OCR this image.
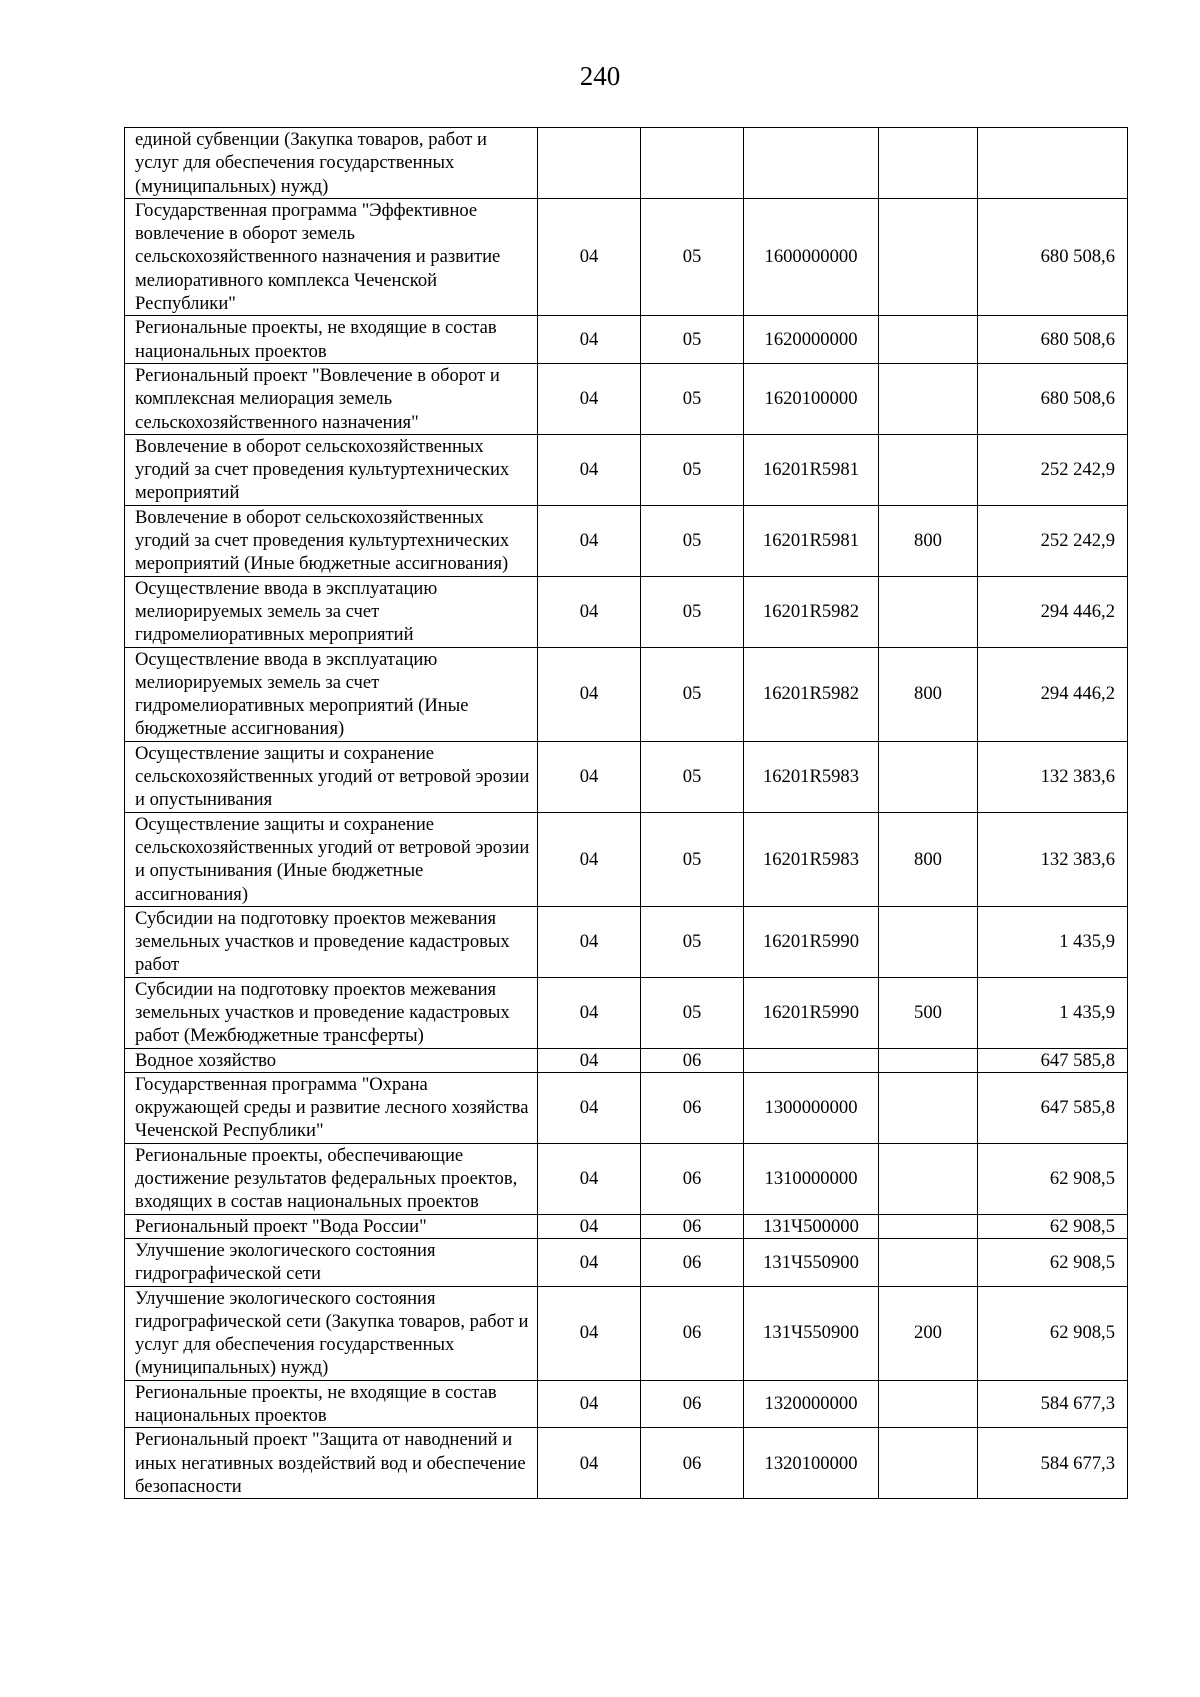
240
единой субвенции (Закупка товаров, работ и услуг для обеспечения государственных (муниципальных) нужд)					
Государственная программа "Эффективное вовлечение в оборот земель сельскохозяйственного назначения и развитие мелиоративного комплекса Чеченской Республики"	04	05	1600000000		680 508,6
Региональные проекты, не входящие в состав национальных проектов	04	05	1620000000		680 508,6
Региональный проект "Вовлечение в оборот и комплексная мелиорация земель сельскохозяйственного назначения"	04	05	1620100000		680 508,6
Вовлечение в оборот сельскохозяйственных угодий за счет проведения культуртехнических мероприятий	04	05	16201R5981		252 242,9
Вовлечение в оборот сельскохозяйственных угодий за счет проведения культуртехнических мероприятий (Иные бюджетные ассигнования)	04	05	16201R5981	800	252 242,9
Осуществление ввода в эксплуатацию мелиорируемых земель за счет гидромелиоративных мероприятий	04	05	16201R5982		294 446,2
Осуществление ввода в эксплуатацию мелиорируемых земель за счет гидромелиоративных мероприятий (Иные бюджетные ассигнования)	04	05	16201R5982	800	294 446,2
Осуществление защиты и сохранение сельскохозяйственных угодий от ветровой эрозии и опустынивания	04	05	16201R5983		132 383,6
Осуществление защиты и сохранение сельскохозяйственных угодий от ветровой эрозии и опустынивания (Иные бюджетные ассигнования)	04	05	16201R5983	800	132 383,6
Субсидии на подготовку проектов межевания земельных участков и проведение кадастровых работ	04	05	16201R5990		1 435,9
Субсидии на подготовку проектов межевания земельных участков и проведение кадастровых работ (Межбюджетные трансферты)	04	05	16201R5990	500	1 435,9
Водное хозяйство	04	06			647 585,8
Государственная программа "Охрана окружающей среды и развитие лесного хозяйства Чеченской Республики"	04	06	1300000000		647 585,8
Региональные проекты, обеспечивающие достижение результатов федеральных проектов, входящих в состав национальных проектов	04	06	1310000000		62 908,5
Региональный проект "Вода России"	04	06	131Ч500000		62 908,5
Улучшение экологического состояния гидрографической сети	04	06	131Ч550900		62 908,5
Улучшение экологического состояния гидрографической сети (Закупка товаров, работ и услуг для обеспечения государственных (муниципальных) нужд)	04	06	131Ч550900	200	62 908,5
Региональные проекты, не входящие в состав национальных проектов	04	06	1320000000		584 677,3
Региональный проект "Защита от наводнений и иных негативных воздействий вод и обеспечение безопасности	04	06	1320100000		584 677,3
